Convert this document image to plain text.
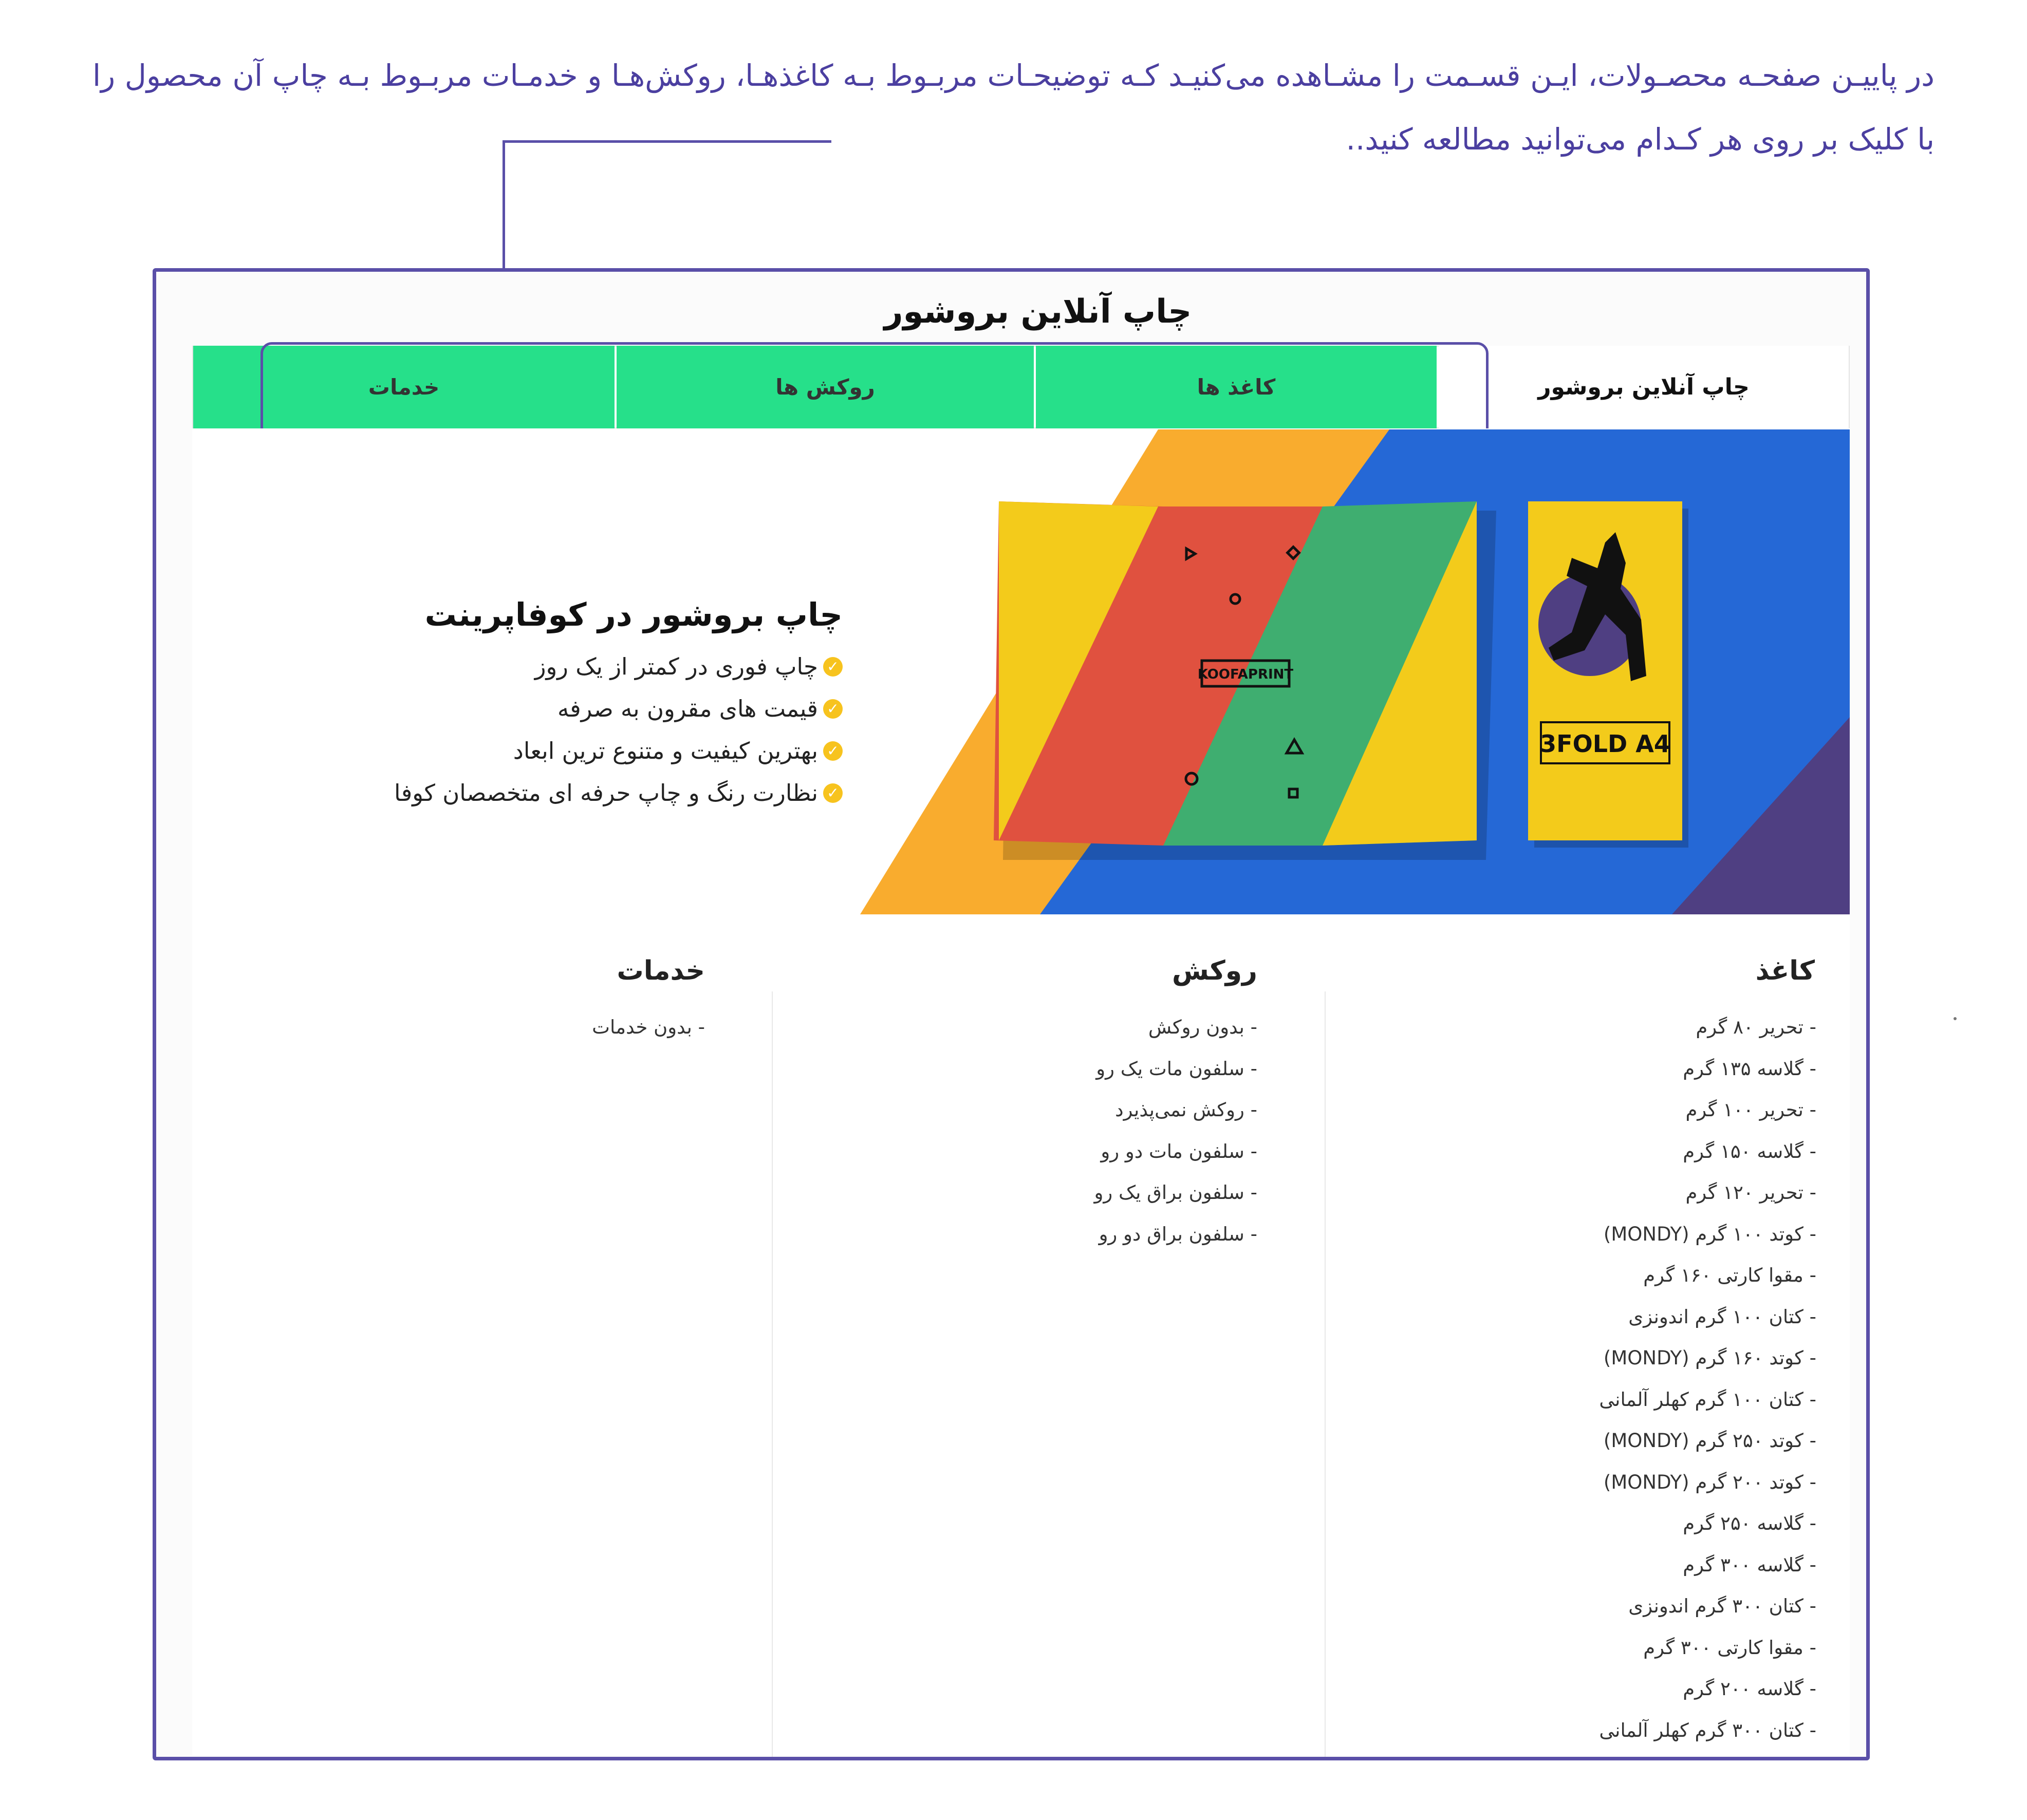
در پاییـن صفحـه محصـولات، ایـن قسـمت را مشـاهده می‌کنیـد کـه توضیحـات مربـوط بـه کاغذهـا، روکش‌هـا و خدمـات مربـوط بـه چاپ آن محصول را با کلیک بر روی هر کـدام می‌توانید مطالعه کنید..
چاپ آنلاین بروشور
خدمات	روکش ها	کاغذ ها	چاپ آنلاین بروشور
KOOFAPRINT
3FOLD A4
چاپ بروشور در کوفاپرینت
✓
چاپ فوری در کمتر از یک روز
✓
قیمت های مقرون به صرفه
✓
بهترین کیفیت و متنوع ترین ابعاد
✓
نظارت رنگ و چاپ حرفه ای متخصصان کوفا
کاغذ
- تحریر ۸۰ گرم
- گلاسه ۱۳۵ گرم
- تحریر ۱۰۰ گرم
- گلاسه ۱۵۰ گرم
- تحریر ۱۲۰ گرم
- کوتد ۱۰۰ گرم (MONDY)
- مقوا کارتی ۱۶۰ گرم
- کتان ۱۰۰ گرم اندونزی
- کوتد ۱۶۰ گرم (MONDY)
- کتان ۱۰۰ گرم کهلر آلمانی
- کوتد ۲۵۰ گرم (MONDY)
- کوتد ۲۰۰ گرم (MONDY)
- گلاسه ۲۵۰ گرم
- گلاسه ۳۰۰ گرم
- کتان ۳۰۰ گرم اندونزی
- مقوا کارتی ۳۰۰ گرم
- گلاسه ۲۰۰ گرم
- کتان ۳۰۰ گرم کهلر آلمانی
روکش
- بدون روکش
- سلفون مات یک رو
- روکش نمی‌پذیرد
- سلفون مات دو رو
- سلفون براق یک رو
- سلفون براق دو رو
خدمات
- بدون خدمات
